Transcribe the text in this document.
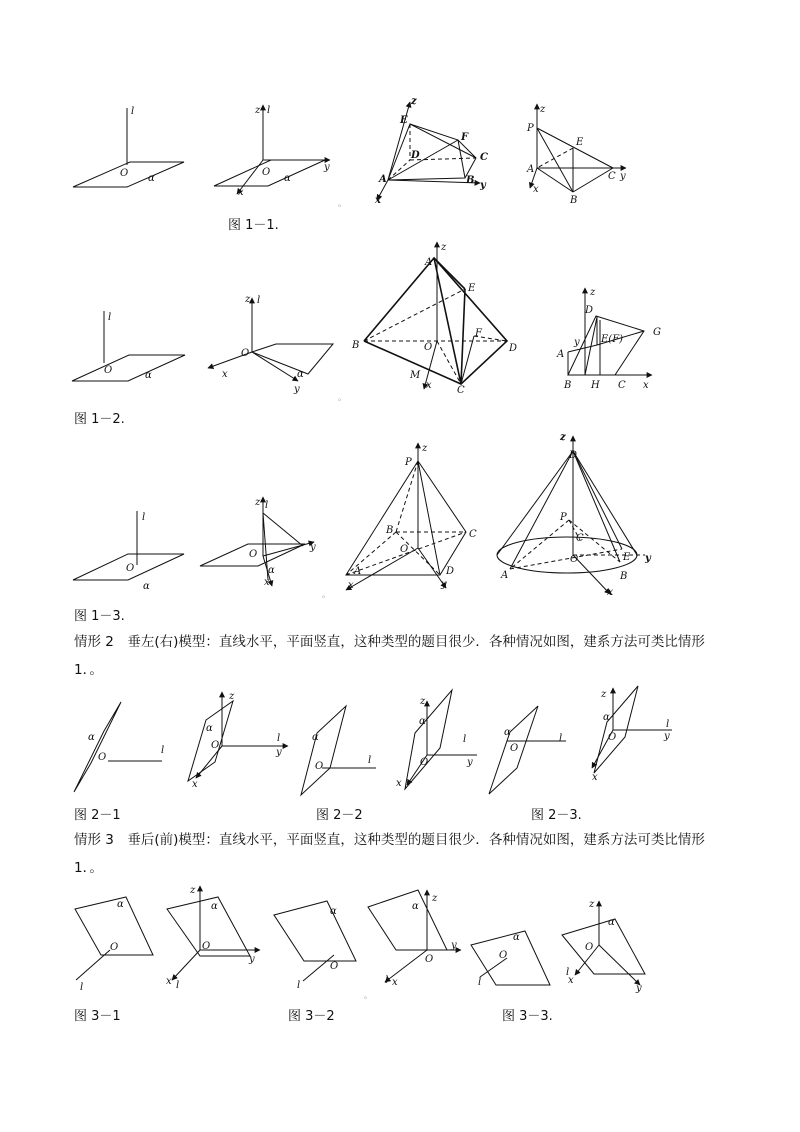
l
O α
z l
y
x
O
α
z
E
F
D	C
A	B y
x
P
z
E
A
C y
x
B
l
O	α
z l
O
x
y
α
z
A
E
F
B	O	D
M
C
x
z
D
G
E(F)
y
A
B H C x
l
O
α
z l
O
y
α
x
z
P
B	C
O
A	D
x	y
z
D
P
C
O	E y
A	B
x
l
O
α
z
α
O
l
y
x
l
O
α
z
α
O
l
y
x
l
O
α
z
α
O
l
y
x
l
O
α
z
α
O
y
x l	l
O
α
z
α
O
y
x
l	l
O
α
z
α
O
x
l
y
图 1－1.
图 1－2.
图 1－3.
图 2－1	图 2－2	图 2－3.
图 3－1	图 3－2	图 3－3.
情形 2　垂左(右)模型：直线水平，平面竖直，这种类型的题目很少．各种情况如图，建系方法可类比情形 1．。
情形 3　垂后(前)模型：直线水平，平面竖直，这种类型的题目很少．各种情况如图，建系方法可类比情形 1．。
。
。
。
。
